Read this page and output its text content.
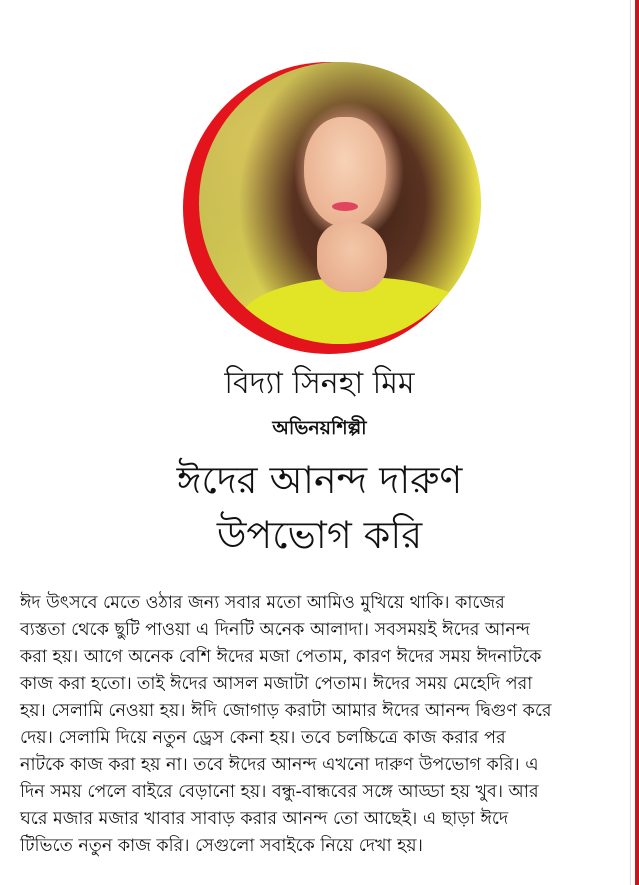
বিদ্যা সিনহা মিম
অভিনয়শিল্পী
ঈদের আনন্দ দারুণ
উপভোগ করি
ঈদ উৎসবে মেতে ওঠার জন্য সবার মতো আমিও মুখিয়ে থাকি। কাজের
ব্যস্ততা থেকে ছুটি পাওয়া এ দিনটি অনেক আলাদা। সবসময়ই ঈদের আনন্দ
করা হয়। আগে অনেক বেশি ঈদের মজা পেতাম, কারণ ঈদের সময় ঈদনাটকে
কাজ করা হতো। তাই ঈদের আসল মজাটা পেতাম। ঈদের সময় মেহেদি পরা
হয়। সেলামি নেওয়া হয়। ঈদি জোগাড় করাটা আমার ঈদের আনন্দ দ্বিগুণ করে
দেয়। সেলামি দিয়ে নতুন ড্রেস কেনা হয়। তবে চলচ্চিত্রে কাজ করার পর
নাটকে কাজ করা হয় না। তবে ঈদের আনন্দ এখনো দারুণ উপভোগ করি। এ
দিন সময় পেলে বাইরে বেড়ানো হয়। বন্ধু-বান্ধবের সঙ্গে আড্ডা হয় খুব। আর
ঘরে মজার মজার খাবার সাবাড় করার আনন্দ তো আছেই। এ ছাড়া ঈদে
টিভিতে নতুন কাজ করি। সেগুলো সবাইকে নিয়ে দেখা হয়।
